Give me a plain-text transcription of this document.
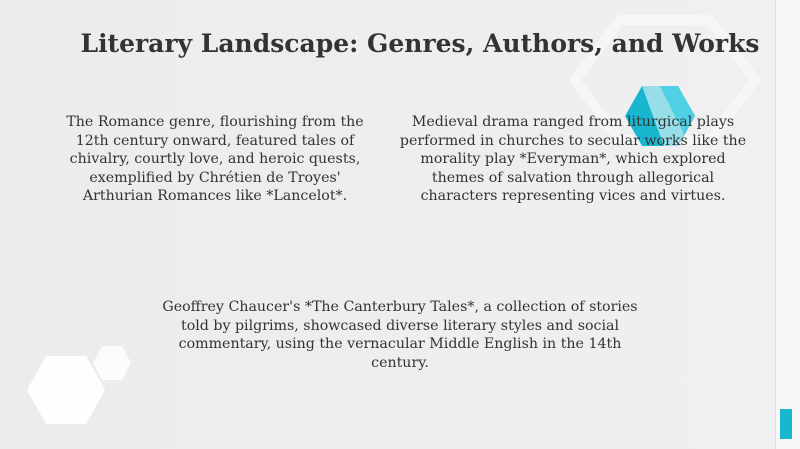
Literary Landscape: Genres, Authors, and Works

The Romance genre, flourishing from the 12th century onward, featured tales of chivalry, courtly love, and heroic quests, exemplified by Chrétien de Troyes' Arthurian Romances like *Lancelot*.

Medieval drama ranged from liturgical plays performed in churches to secular works like the morality play *Everyman*, which explored themes of salvation through allegorical characters representing vices and virtues.

Geoffrey Chaucer's *The Canterbury Tales*, a collection of stories told by pilgrims, showcased diverse literary styles and social commentary, using the vernacular Middle English in the 14th century.
